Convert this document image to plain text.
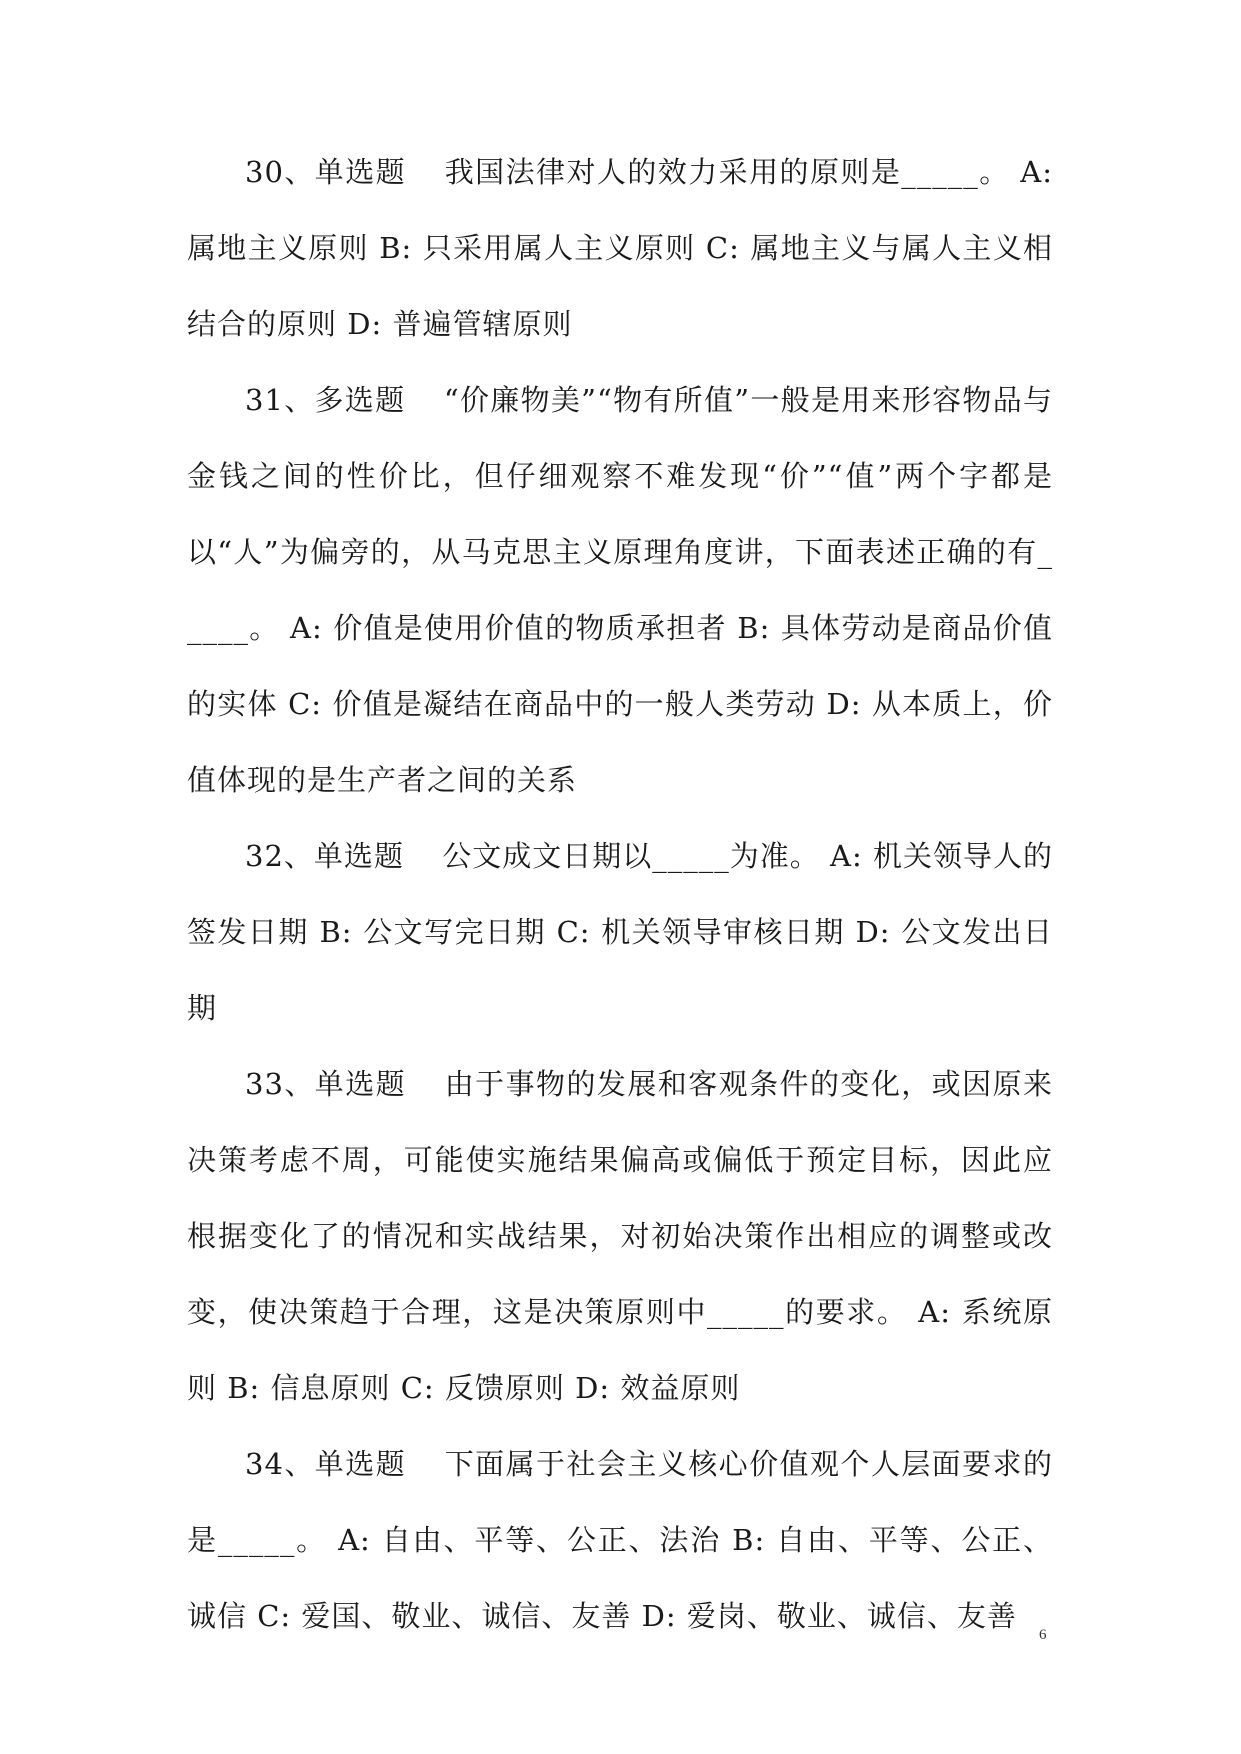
30、单选题 我国法律对人的效力采用的原则是_____。 A: 属地主义原则 B: 只采用属人主义原则 C: 属地主义与属人主义相结合的原则 D: 普遍管辖原则

31、多选题 “价廉物美”“物有所值”一般是用来形容物品与金钱之间的性价比，但仔细观察不难发现“价”“值”两个字都是以“人”为偏旁的，从马克思主义原理角度讲，下面表述正确的有_____。 A: 价值是使用价值的物质承担者 B: 具体劳动是商品价值的实体 C: 价值是凝结在商品中的一般人类劳动 D: 从本质上，价值体现的是生产者之间的关系

32、单选题 公文成文日期以_____为准。 A: 机关领导人的签发日期 B: 公文写完日期 C: 机关领导审核日期 D: 公文发出日期

33、单选题 由于事物的发展和客观条件的变化，或因原来决策考虑不周，可能使实施结果偏高或偏低于预定目标，因此应根据变化了的情况和实战结果，对初始决策作出相应的调整或改变，使决策趋于合理，这是决策原则中_____的要求。 A: 系统原则 B: 信息原则 C: 反馈原则 D: 效益原则

34、单选题 下面属于社会主义核心价值观个人层面要求的是_____。 A: 自由、平等、公正、法治 B: 自由、平等、公正、诚信 C: 爱国、敬业、诚信、友善 D: 爱岗、敬业、诚信、友善

6
